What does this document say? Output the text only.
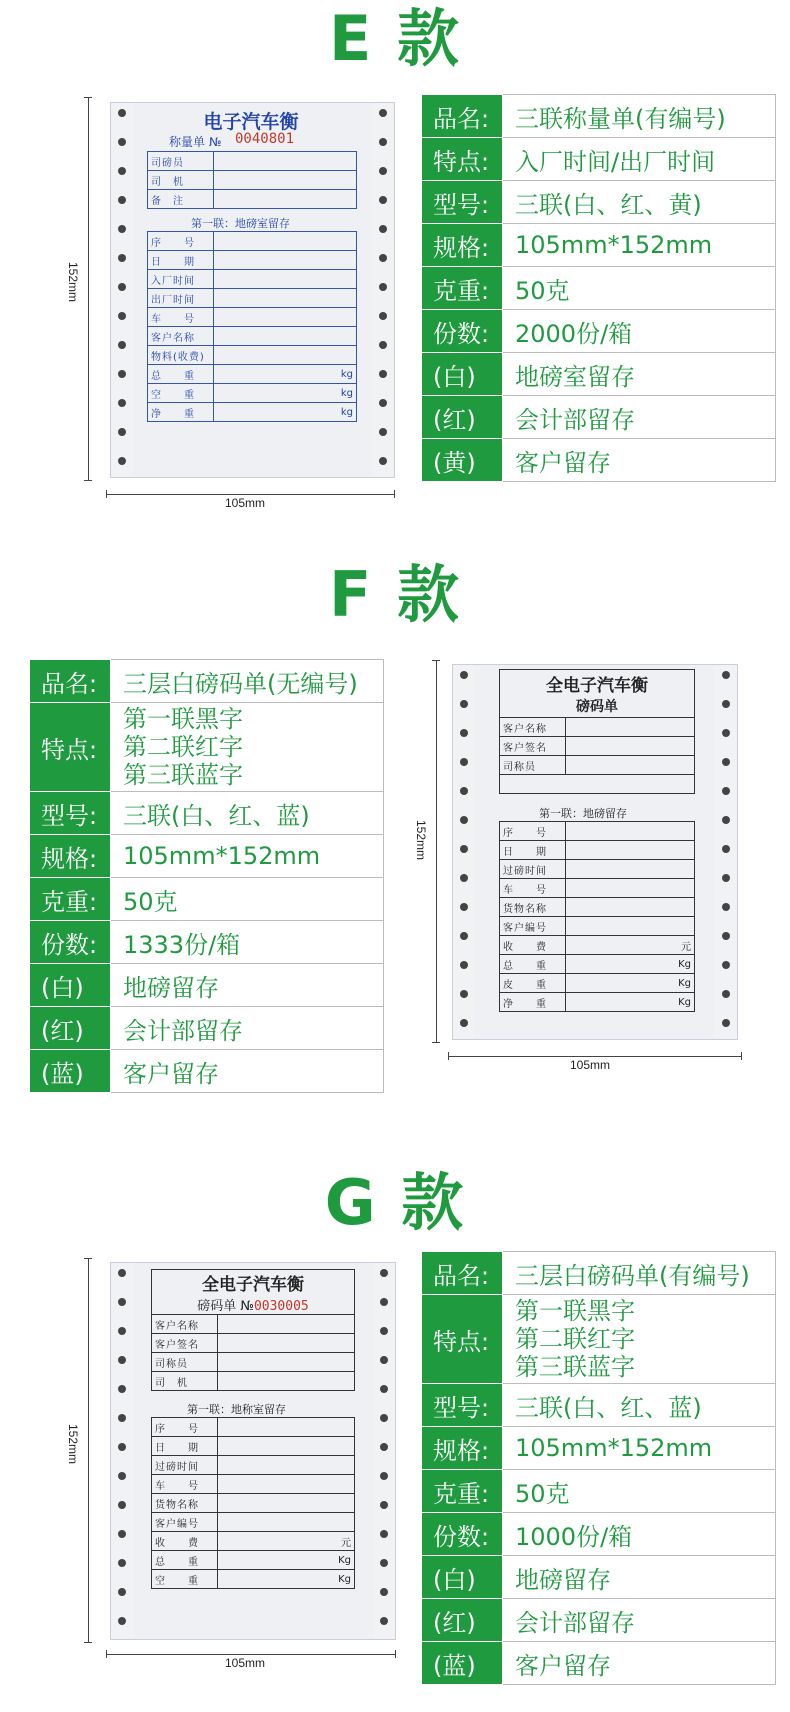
E 款
152mm
105mm
电子汽车衡
称量单 № 0040801
司磅员	
司　机	
备　注	
第一联：地磅室留存
序　　号	
日　　期	
入厂时间	
出厂时间	
车　　号	
客户名称	
物料(收费)	
总　　重	kg
空　　重	kg
净　　重	kg
品名:	三联称量单(有编号)

特点:	入厂时间/出厂时间

型号:	三联(白、红、黄)

规格:	105mm*152mm

克重:	50克

份数:	2000份/箱

(白)	地磅室留存

(红)	会计部留存

(黄)	客户留存
F 款
品名:	三层白磅码单(无编号)

特点:	第一联黑字
第二联红字
第三联蓝字

型号:	三联(白、红、蓝)

规格:	105mm*152mm

克重:	50克

份数:	1333份/箱

(白)	地磅留存

(红)	会计部留存

(蓝)	客户留存
152mm
105mm
全电子汽车衡
磅码单	

客户名称	
客户签名	
司称员	

第一联：地磅留存
序　　号	
日　　期	
过磅时间	
车　　号	
货物名称	
客户编号	
收　　费	元
总　　重	Kg
皮　　重	Kg
净　　重	Kg
G 款
152mm
105mm
全电子汽车衡
磅码单 №0030005	

客户名称	
客户签名	
司称员	
司　机	
第一联：地称室留存
序　　号	
日　　期	
过磅时间	
车　　号	
货物名称	
客户编号	
收　　费	元
总　　重	Kg
空　　重	Kg
品名:	三层白磅码单(有编号)

特点:	第一联黑字
第二联红字
第三联蓝字

型号:	三联(白、红、蓝)

规格:	105mm*152mm

克重:	50克

份数:	1000份/箱

(白)	地磅留存

(红)	会计部留存

(蓝)	客户留存
